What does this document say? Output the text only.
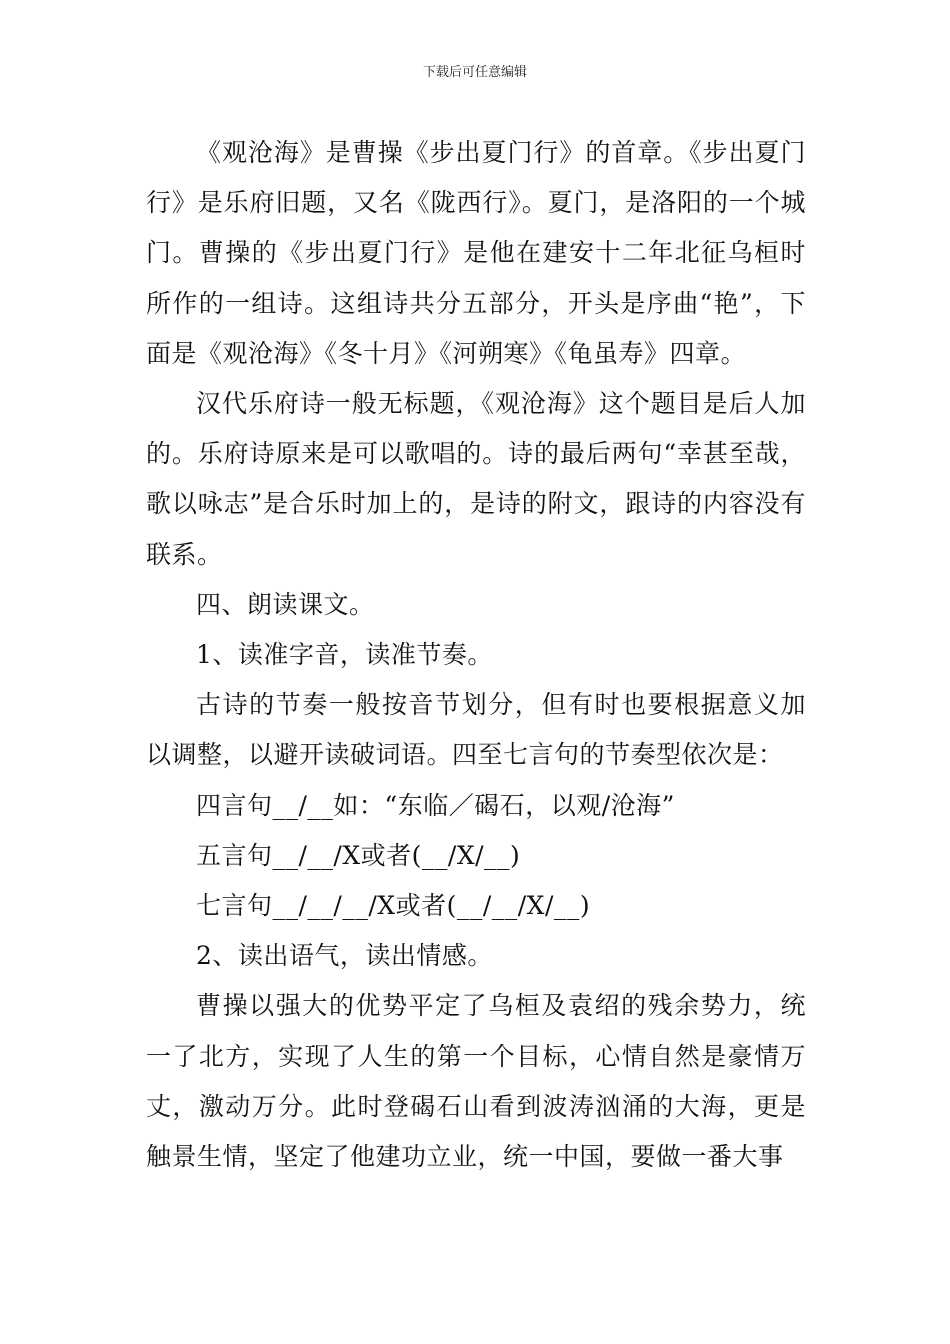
下载后可任意编辑

《观沧海》是曹操《步出夏门行》的首章。《步出夏门行》是乐府旧题，又名《陇西行》。夏门，是洛阳的一个城门。曹操的《步出夏门行》是他在建安十二年北征乌桓时所作的一组诗。这组诗共分五部分，开头是序曲“艳”，下面是《观沧海》《冬十月》《河朔寒》《龟虽寿》四章。

汉代乐府诗一般无标题，《观沧海》这个题目是后人加的。乐府诗原来是可以歌唱的。诗的最后两句“幸甚至哉，歌以咏志”是合乐时加上的，是诗的附文，跟诗的内容没有联系。

四、朗读课文。

1、读准字音，读准节奏。

古诗的节奏一般按音节划分，但有时也要根据意义加以调整，以避开读破词语。四至七言句的节奏型依次是：

四言句__/__如：“东临／碣石，以观/沧海”

五言句__/__/X或者(__/X/__)

七言句__/__/__/X或者(__/__/X/__)

2、读出语气，读出情感。

曹操以强大的优势平定了乌桓及袁绍的残余势力，统一了北方，实现了人生的第一个目标，心情自然是豪情万丈，激动万分。此时登碣石山看到波涛汹涌的大海，更是触景生情，坚定了他建功立业，统一中国，要做一番大事
